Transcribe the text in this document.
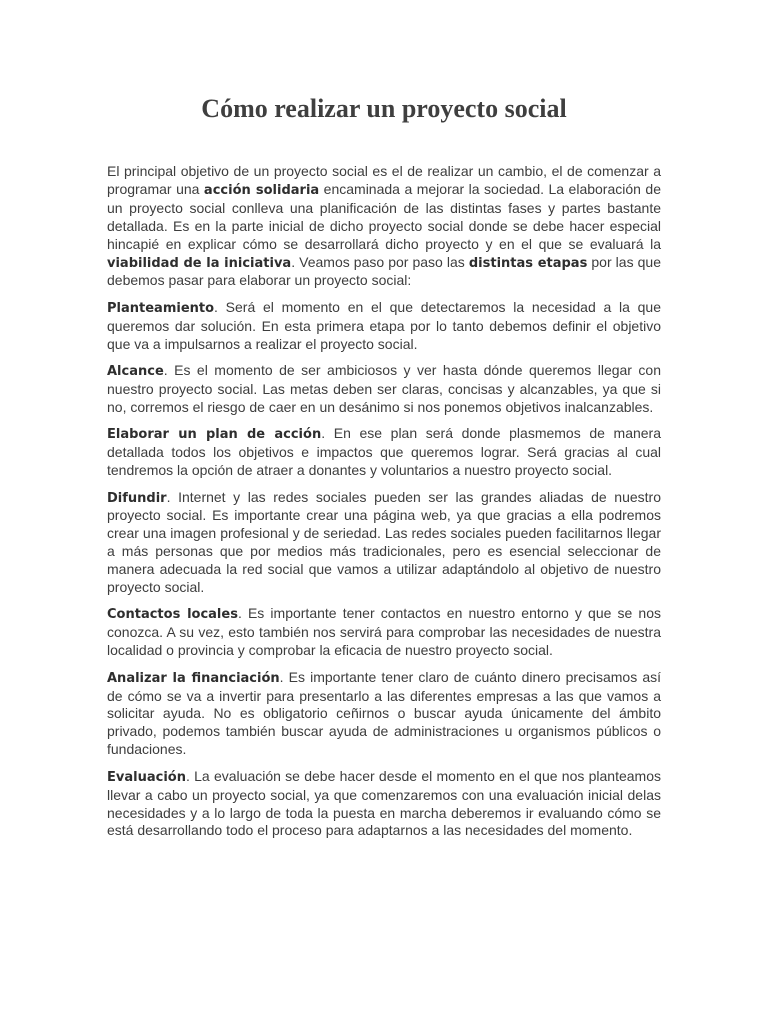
Cómo realizar un proyecto social

El principal objetivo de un proyecto social es el de realizar un cambio, el de comenzar a programar una acción solidaria encaminada a mejorar la sociedad. La elaboración de un proyecto social conlleva una planificación de las distintas fases y partes bastante detallada. Es en la parte inicial de dicho proyecto social donde se debe hacer especial hincapié en explicar cómo se desarrollará dicho proyecto y en el que se evaluará la viabilidad de la iniciativa. Veamos paso por paso las distintas etapas por las que debemos pasar para elaborar un proyecto social:

Planteamiento. Será el momento en el que detectaremos la necesidad a la que queremos dar solución. En esta primera etapa por lo tanto debemos definir el objetivo que va a impulsarnos a realizar el proyecto social.

Alcance. Es el momento de ser ambiciosos y ver hasta dónde queremos llegar con nuestro proyecto social. Las metas deben ser claras, concisas y alcanzables, ya que si no, corremos el riesgo de caer en un desánimo si nos ponemos objetivos inalcanzables.

Elaborar un plan de acción. En ese plan será donde plasmemos de manera detallada todos los objetivos e impactos que queremos lograr. Será gracias al cual tendremos la opción de atraer a donantes y voluntarios a nuestro proyecto social.

Difundir. Internet y las redes sociales pueden ser las grandes aliadas de nuestro proyecto social. Es importante crear una página web, ya que gracias a ella podremos crear una imagen profesional y de seriedad. Las redes sociales pueden facilitarnos llegar a más personas que por medios más tradicionales, pero es esencial seleccionar de manera adecuada la red social que vamos a utilizar adaptándolo al objetivo de nuestro proyecto social.

Contactos locales. Es importante tener contactos en nuestro entorno y que se nos conozca. A su vez, esto también nos servirá para comprobar las necesidades de nuestra localidad o provincia y comprobar la eficacia de nuestro proyecto social.

Analizar la financiación. Es importante tener claro de cuánto dinero precisamos así de cómo se va a invertir para presentarlo a las diferentes empresas a las que vamos a solicitar ayuda. No es obligatorio ceñirnos o buscar ayuda únicamente del ámbito privado, podemos también buscar ayuda de administraciones u organismos públicos o fundaciones.

Evaluación. La evaluación se debe hacer desde el momento en el que nos planteamos llevar a cabo un proyecto social, ya que comenzaremos con una evaluación inicial delas necesidades y a lo largo de toda la puesta en marcha deberemos ir evaluando cómo se está desarrollando todo el proceso para adaptarnos a las necesidades del momento.
